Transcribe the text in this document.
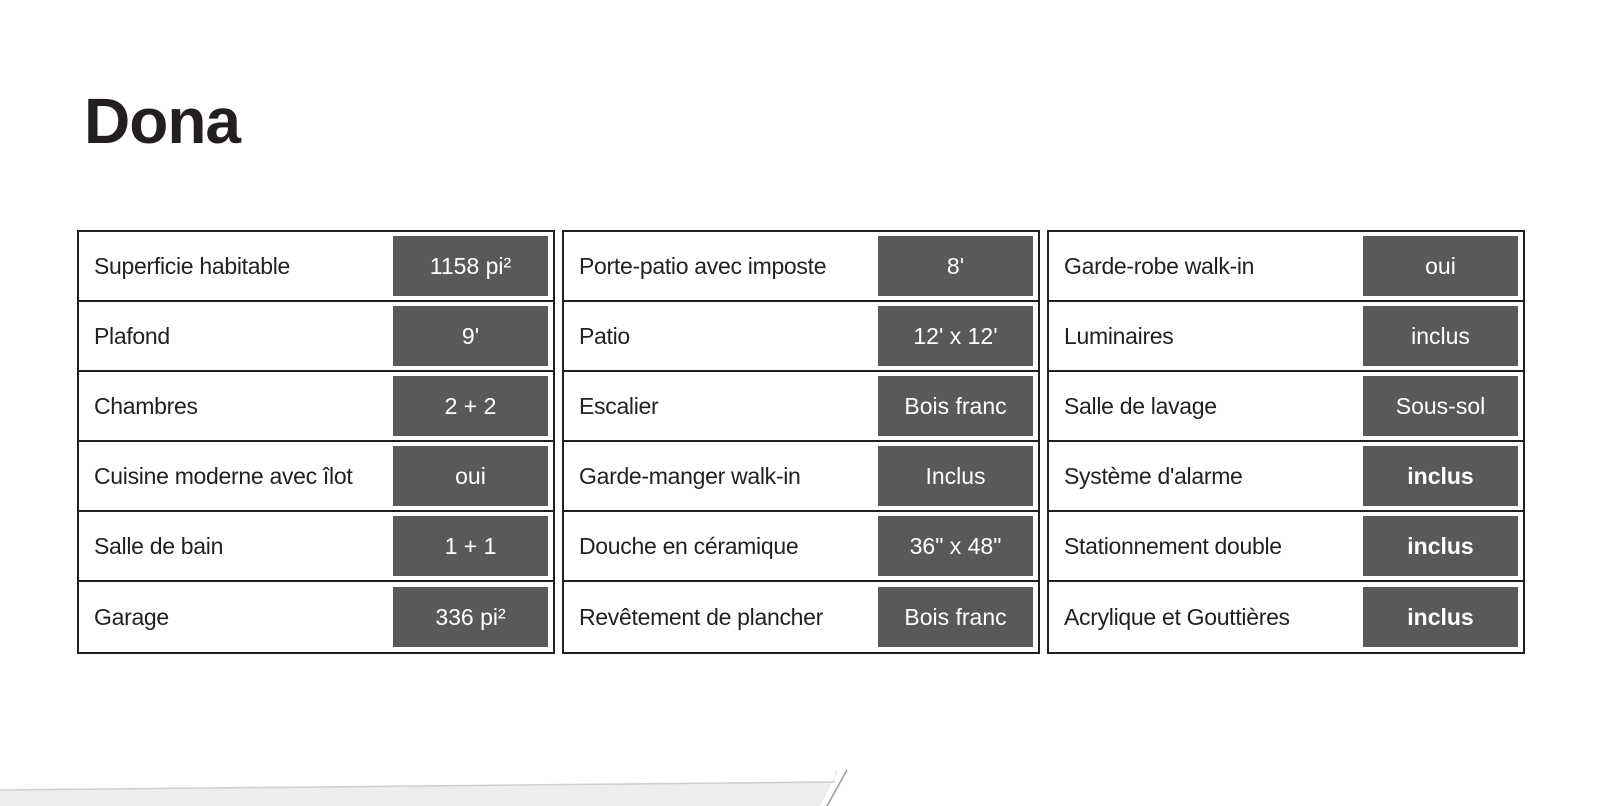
Dona
Superficie habitable	1158 pi²
Plafond	9'
Chambres	2 + 2
Cuisine moderne avec îlot	oui
Salle de bain	1 + 1
Garage	336 pi²
Porte-patio avec imposte	8'
Patio	12' x 12'
Escalier	Bois franc
Garde-manger walk-in	Inclus
Douche en céramique	36" x 48"
Revêtement de plancher	Bois franc
Garde-robe walk-in	oui
Luminaires	inclus
Salle de lavage	Sous-sol
Système d'alarme	inclus
Stationnement double	inclus
Acrylique et Gouttières	inclus
